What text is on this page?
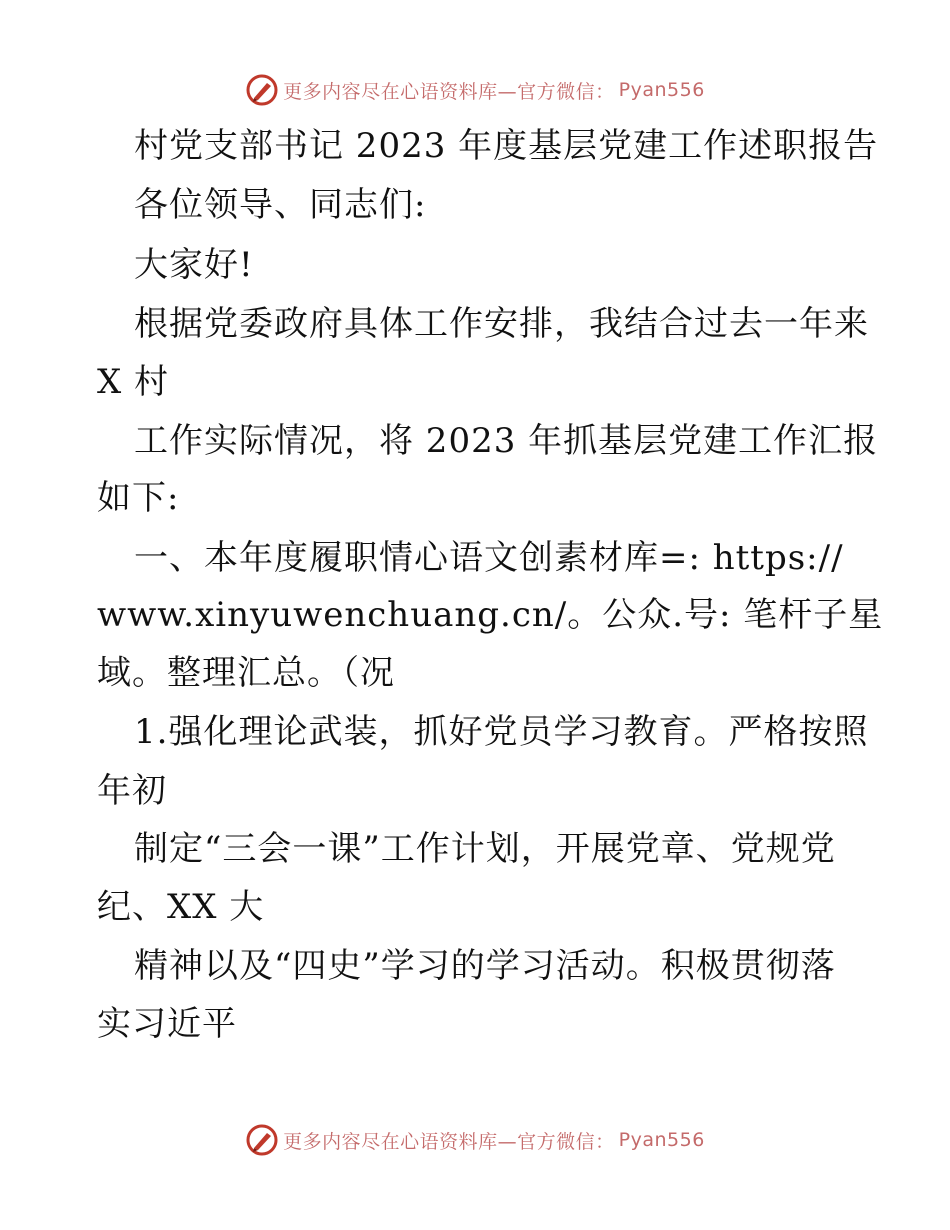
更多内容尽在心语资料库—官方微信： Pyan556
村党支部书记 2023 年度基层党建工作述职报告
各位领导、同志们:
大家好!
根据党委政府具体工作安排，我结合过去一年来
X 村
工作实际情况，将 2023 年抓基层党建工作汇报
如下:
一、本年度履职情心语文创素材库=: https://
www.xinyuwenchuang.cn/。公众.号: 笔杆子星
域。整理汇总。（况
1.强化理论武装，抓好党员学习教育。严格按照
年初
制定“三会一课”工作计划，开展党章、党规党
纪、XX 大
精神以及“四史”学习的学习活动。积极贯彻落
实习近平
更多内容尽在心语资料库—官方微信： Pyan556
